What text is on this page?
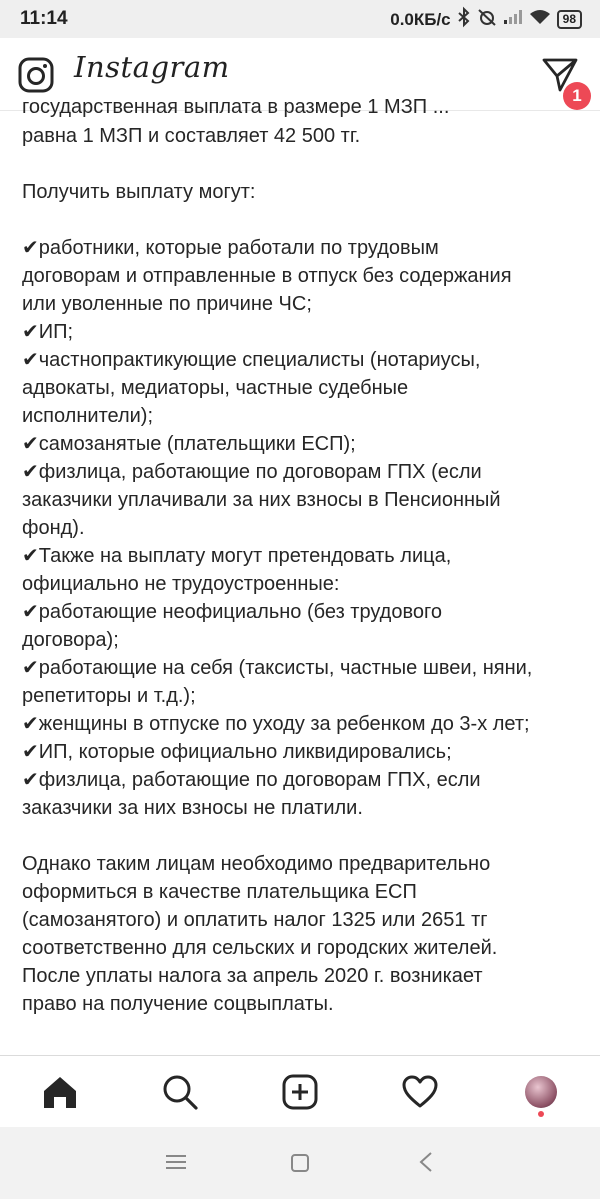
11:14	0.0КБ/с	98
Instagram
1
государственная выплата в размере 1 МЗП ...
равна 1 МЗП и составляет 42 500 тг.
Получить выплату могут:
✔работники, которые работали по трудовым
договорам и отправленные в отпуск без содержания
или уволенные по причине ЧС;
✔ИП;
✔частнопрактикующие специалисты (нотариусы,
адвокаты, медиаторы, частные судебные
исполнители);
✔самозанятые (плательщики ЕСП);
✔физлица, работающие по договорам ГПХ (если
заказчики уплачивали за них взносы в Пенсионный
фонд).
✔Также на выплату могут претендовать лица,
официально не трудоустроенные:
✔работающие неофициально (без трудового
договора);
✔работающие на себя (таксисты, частные швеи, няни,
репетиторы и т.д.);
✔женщины в отпуске по уходу за ребенком до 3-х лет;
✔ИП, которые официально ликвидировались;
✔физлица, работающие по договорам ГПХ, если
заказчики за них взносы не платили.
Однако таким лицам необходимо предварительно
оформиться в качестве плательщика ЕСП
(самозанятого) и оплатить налог 1325 или 2651 тг
соответственно для сельских и городских жителей.
После уплаты налога за апрель 2020 г. возникает
право на получение соцвыплаты.
